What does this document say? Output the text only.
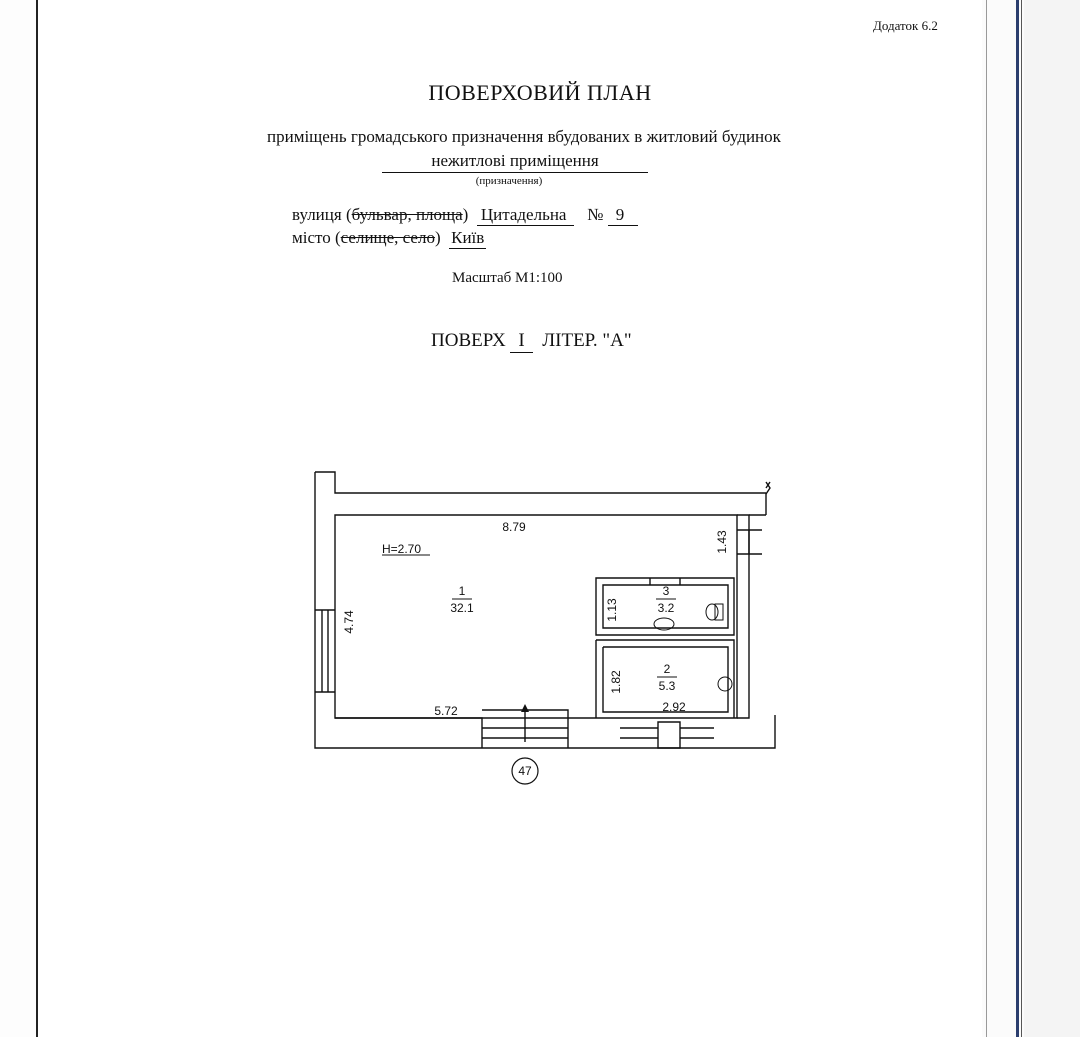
Додаток 6.2
ПОВЕРХОВИЙ ПЛАН
приміщень громадського призначення вбудованих в житловий будинок
нежитлові приміщення
(призначення)
вулиця (бульвар, площа) Цитадельна № 9
місто (селище, село) Київ
Масштаб М1:100
ПОВЕРХ I ЛІТЕР. "А"
Н=2.70
1
32.1
2
5.3
3
3.2
8.79
5.72	2.92
4.74
1.43
1.13
1.82
47
